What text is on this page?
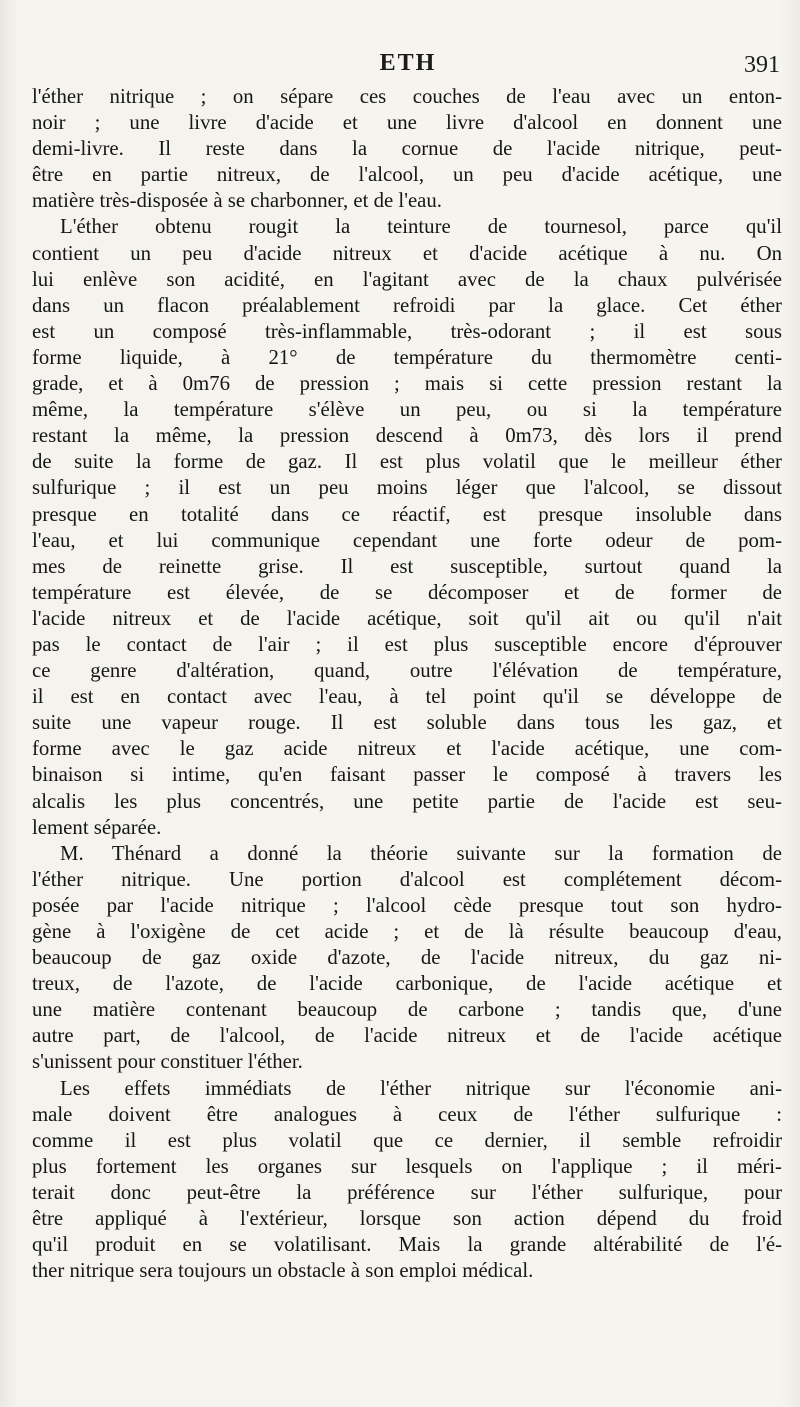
ETH	391
l'éther nitrique ; on sépare ces couches de l'eau avec un enton-
noir ; une livre d'acide et une livre d'alcool en donnent une
demi-livre. Il reste dans la cornue de l'acide nitrique, peut-
être en partie nitreux, de l'alcool, un peu d'acide acétique, une
matière très-disposée à se charbonner, et de l'eau.
L'éther obtenu rougit la teinture de tournesol, parce qu'il
contient un peu d'acide nitreux et d'acide acétique à nu. On
lui enlève son acidité, en l'agitant avec de la chaux pulvérisée
dans un flacon préalablement refroidi par la glace. Cet éther
est un composé très-inflammable, très-odorant ; il est sous
forme liquide, à 21° de température du thermomètre centi-
grade, et à 0m76 de pression ; mais si cette pression restant la
même, la température s'élève un peu, ou si la température
restant la même, la pression descend à 0m73, dès lors il prend
de suite la forme de gaz. Il est plus volatil que le meilleur éther
sulfurique ; il est un peu moins léger que l'alcool, se dissout
presque en totalité dans ce réactif, est presque insoluble dans
l'eau, et lui communique cependant une forte odeur de pom-
mes de reinette grise. Il est susceptible, surtout quand la
température est élevée, de se décomposer et de former de
l'acide nitreux et de l'acide acétique, soit qu'il ait ou qu'il n'ait
pas le contact de l'air ; il est plus susceptible encore d'éprouver
ce genre d'altération, quand, outre l'élévation de température,
il est en contact avec l'eau, à tel point qu'il se développe de
suite une vapeur rouge. Il est soluble dans tous les gaz, et
forme avec le gaz acide nitreux et l'acide acétique, une com-
binaison si intime, qu'en faisant passer le composé à travers les
alcalis les plus concentrés, une petite partie de l'acide est seu-
lement séparée.
M. Thénard a donné la théorie suivante sur la formation de
l'éther nitrique. Une portion d'alcool est complétement décom-
posée par l'acide nitrique ; l'alcool cède presque tout son hydro-
gène à l'oxigène de cet acide ; et de là résulte beaucoup d'eau,
beaucoup de gaz oxide d'azote, de l'acide nitreux, du gaz ni-
treux, de l'azote, de l'acide carbonique, de l'acide acétique et
une matière contenant beaucoup de carbone ; tandis que, d'une
autre part, de l'alcool, de l'acide nitreux et de l'acide acétique
s'unissent pour constituer l'éther.
Les effets immédiats de l'éther nitrique sur l'économie ani-
male doivent être analogues à ceux de l'éther sulfurique :
comme il est plus volatil que ce dernier, il semble refroidir
plus fortement les organes sur lesquels on l'applique ; il méri-
terait donc peut-être la préférence sur l'éther sulfurique, pour
être appliqué à l'extérieur, lorsque son action dépend du froid
qu'il produit en se volatilisant. Mais la grande altérabilité de l'é-
ther nitrique sera toujours un obstacle à son emploi médical.
